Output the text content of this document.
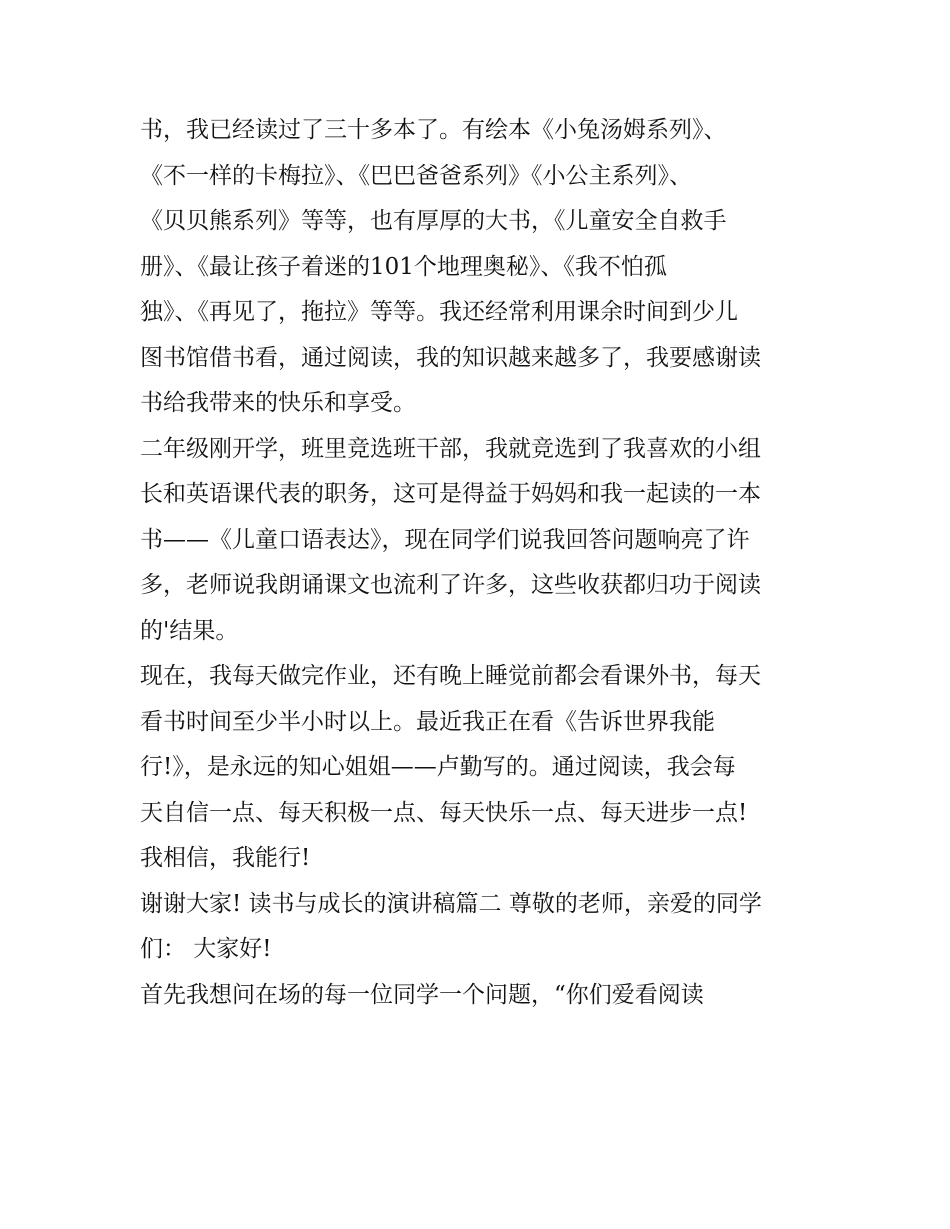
书，我已经读过了三十多本了。有绘本《小兔汤姆系列》、
《不一样的卡梅拉》、《巴巴爸爸系列》《小公主系列》、
《贝贝熊系列》等等，也有厚厚的大书，《儿童安全自救手
册》、《最让孩子着迷的101个地理奥秘》、《我不怕孤
独》、《再见了，拖拉》等等。我还经常利用课余时间到少儿
图书馆借书看，通过阅读，我的知识越来越多了，我要感谢读
书给我带来的快乐和享受。
二年级刚开学，班里竞选班干部，我就竞选到了我喜欢的小组
长和英语课代表的职务，这可是得益于妈妈和我一起读的一本
书——《儿童口语表达》，现在同学们说我回答问题响亮了许
多，老师说我朗诵课文也流利了许多，这些收获都归功于阅读
的'结果。
现在，我每天做完作业，还有晚上睡觉前都会看课外书，每天
看书时间至少半小时以上。最近我正在看《告诉世界我能
行!》，是永远的知心姐姐——卢勤写的。通过阅读，我会每
天自信一点、每天积极一点、每天快乐一点、每天进步一点!
我相信，我能行!
谢谢大家! 读书与成长的演讲稿篇二 尊敬的老师，亲爱的同学
们： 大家好!
首先我想问在场的每一位同学一个问题，“你们爱看阅读
